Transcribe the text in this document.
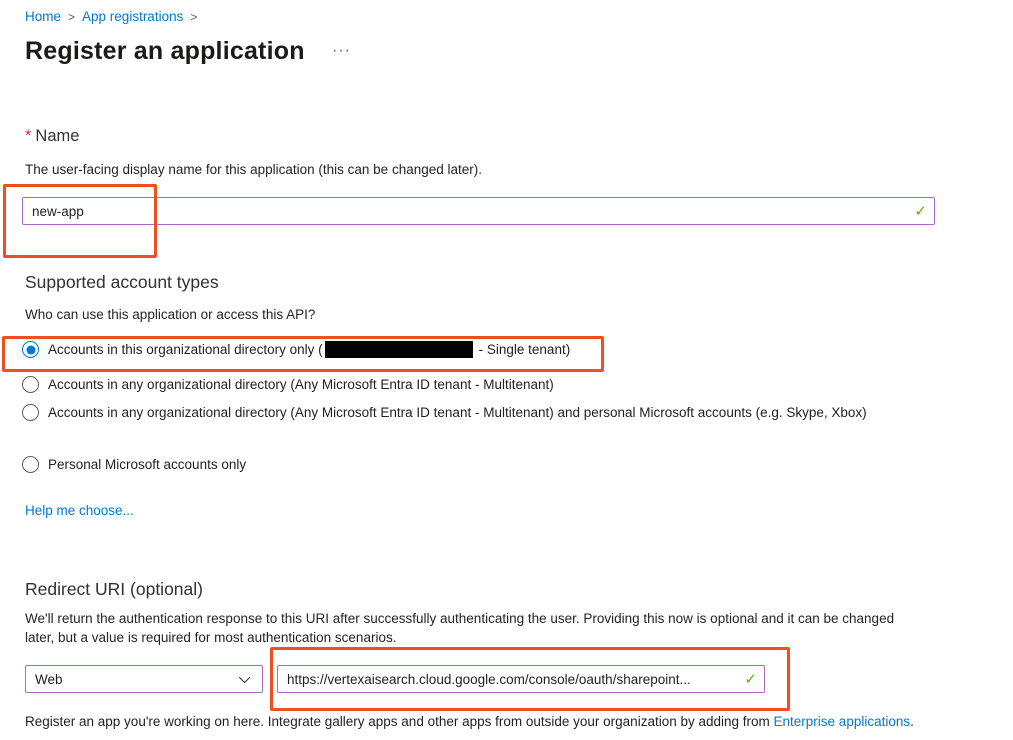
Home > App registrations >
Register an application ···
* Name

The user-facing display name for this application (this can be changed later).

new-app
✓
Supported account types

Who can use this application or access this API?

Accounts in this organizational directory only (	- Single tenant)
Accounts in any organizational directory (Any Microsoft Entra ID tenant - Multitenant)
Accounts in any organizational directory (Any Microsoft Entra ID tenant - Multitenant) and personal Microsoft accounts (e.g. Skype, Xbox)
Personal Microsoft accounts only
Help me choose...
Redirect URI (optional)

We'll return the authentication response to this URI after successfully authenticating the user. Providing this now is optional and it can be changed later, but a value is required for most authentication scenarios.

Web
https://vertexaisearch.cloud.google.com/console/oauth/sharepoint...	✓

Register an app you're working on here. Integrate gallery apps and other apps from outside your organization by adding from Enterprise applications.
